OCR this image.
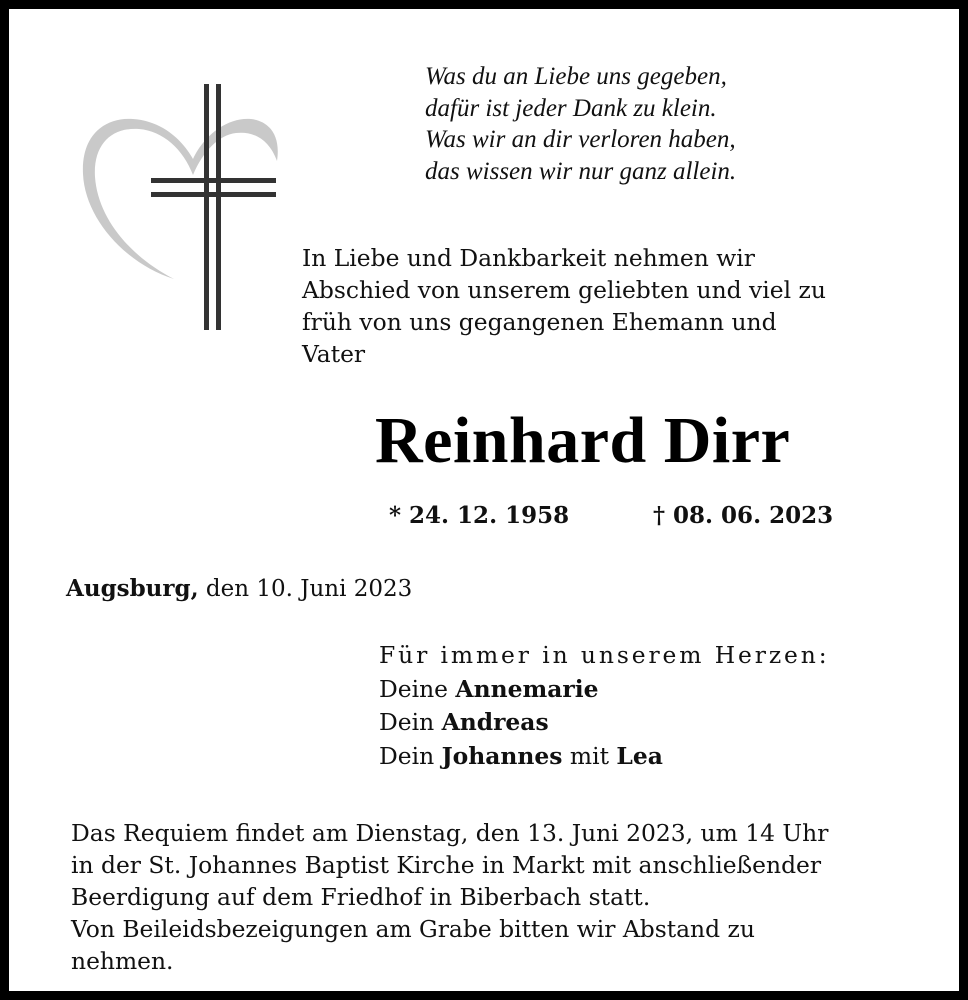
Was du an Liebe uns gegeben,
dafür ist jeder Dank zu klein.
Was wir an dir verloren haben,
das wissen wir nur ganz allein.
In Liebe und Dankbarkeit nehmen wir
Abschied von unserem geliebten und viel zu
früh von uns gegangenen Ehemann und
Vater
Reinhard Dirr
* 24. 12. 1958	† 08. 06. 2023
Augsburg, den 10. Juni 2023
Für immer in unserem Herzen:
Deine Annemarie
Dein Andreas
Dein Johannes mit Lea
Das Requiem findet am Dienstag, den 13. Juni 2023, um 14 Uhr
in der St. Johannes Baptist Kirche in Markt mit anschließender
Beerdigung auf dem Friedhof in Biberbach statt.
Von Beileidsbezeigungen am Grabe bitten wir Abstand zu
nehmen.
